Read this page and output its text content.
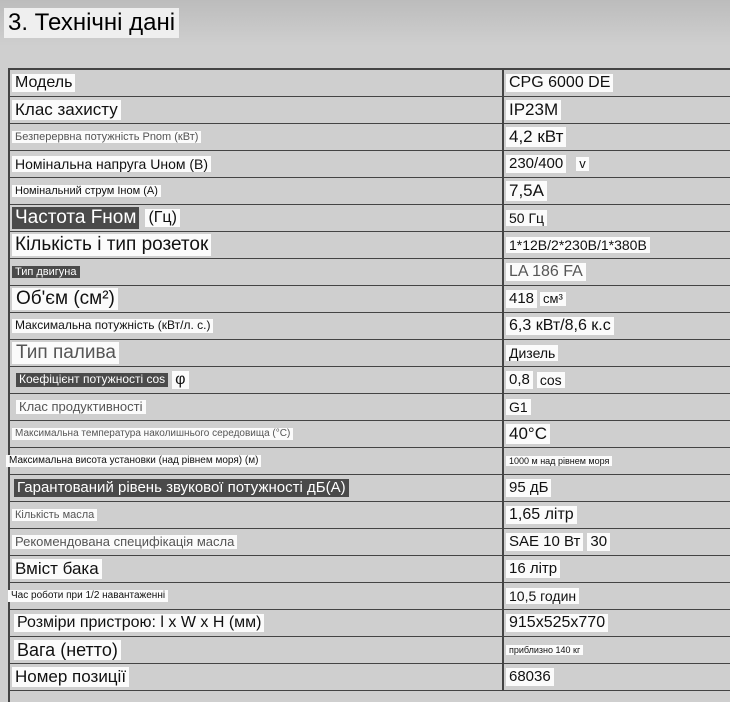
3. Технічні дані
Модель	CPG 6000 DE
Клас захисту	IP23M
Безперервна потужність Pnom (кВт)	4,2 кВт
Номінальна напруга Uном (В)	230/400 v
Номінальний струм Iном (А)	7,5A
Частота Fном (Гц)	50 Гц
Кількість і тип розеток	1*12B/2*230B/1*380B
Тип двигуна	LA 186 FA
Об'єм (см²)	418 см³
Максимальна потужність (кВт/л. с.)	6,3 кВт/8,6 к.с
Тип палива	Дизель
Коефіцієнт потужності cos φ	0,8 cos
Клас продуктивності	G1
Максимальна температура наколишнього середовища (°C)	40°C
Максимальна висота установки (над рівнем моря) (м)	1000 м над рівнем моря
Гарантований рівень звукової потужності дБ(А)	95 дБ
Кількість масла	1,65 літр
Рекомендована специфікація масла	SAE 10 Вт 30
Вміст бака	16 літр
Час роботи при 1/2 навантаженні	10,5 годин
Розміри пристрою: l x W x H (мм)	915x525x770
Вага (нетто)	приблизно 140 кг
Номер позиції	68036
